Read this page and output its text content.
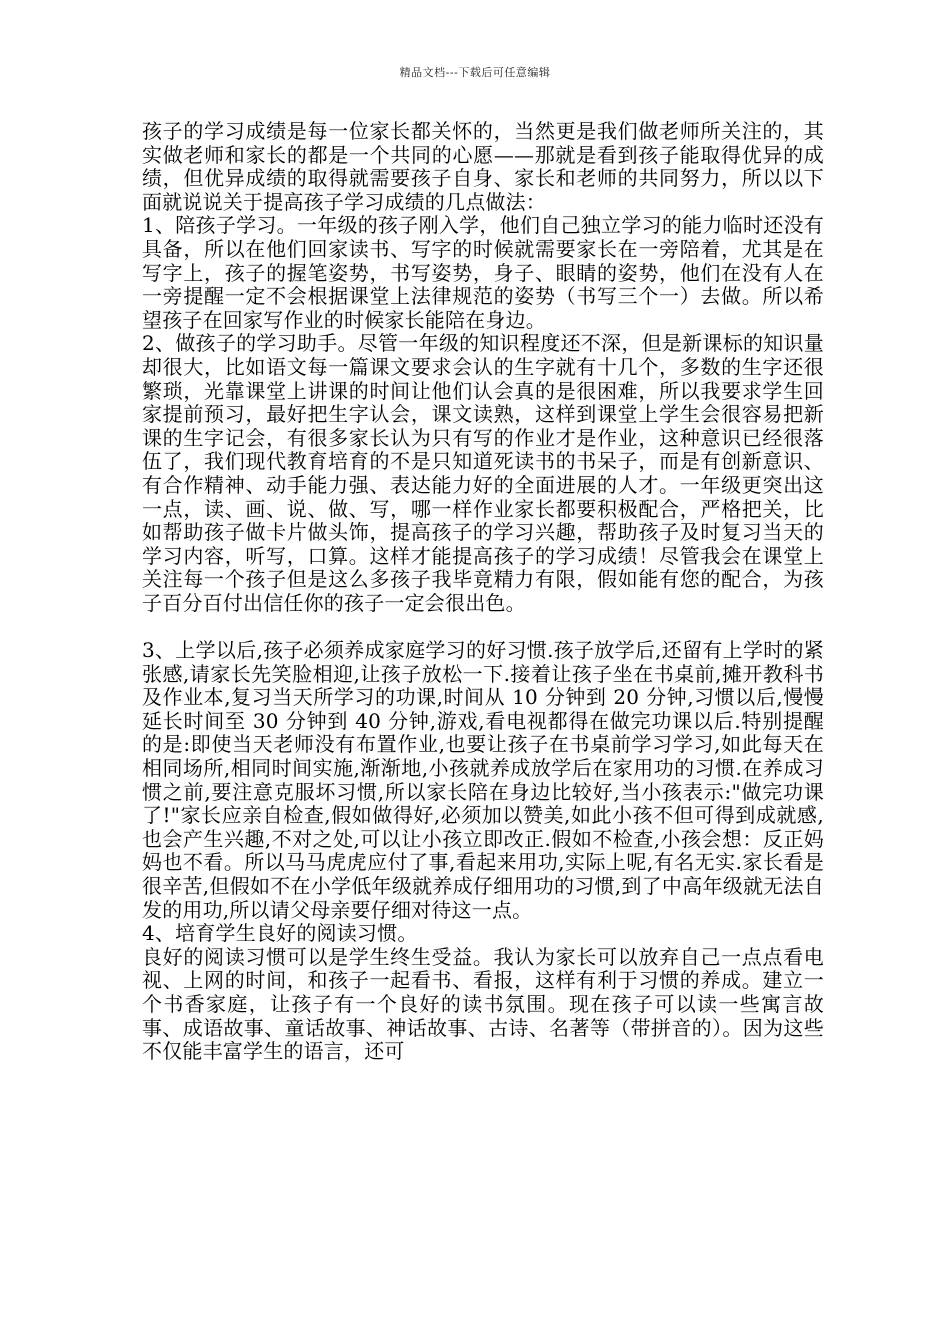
精品文档---下载后可任意编辑

孩子的学习成绩是每一位家长都关怀的，当然更是我们做老师所关注的，其实做老师和家长的都是一个共同的心愿——那就是看到孩子能取得优异的成绩，但优异成绩的取得就需要孩子自身、家长和老师的共同努力，所以以下面就说说关于提高孩子学习成绩的几点做法：

1、陪孩子学习。一年级的孩子刚入学，他们自己独立学习的能力临时还没有具备，所以在他们回家读书、写字的时候就需要家长在一旁陪着，尤其是在写字上，孩子的握笔姿势，书写姿势，身子、眼睛的姿势，他们在没有人在一旁提醒一定不会根据课堂上法律规范的姿势（书写三个一）去做。所以希望孩子在回家写作业的时候家长能陪在身边。

2、做孩子的学习助手。尽管一年级的知识程度还不深，但是新课标的知识量却很大，比如语文每一篇课文要求会认的生字就有十几个，多数的生字还很繁琐，光靠课堂上讲课的时间让他们认会真的是很困难，所以我要求学生回家提前预习，最好把生字认会，课文读熟，这样到课堂上学生会很容易把新课的生字记会，有很多家长认为只有写的作业才是作业，这种意识已经很落伍了，我们现代教育培育的不是只知道死读书的书呆子，而是有创新意识、有合作精神、动手能力强、表达能力好的全面进展的人才。一年级更突出这一点，读、画、说、做、写，哪一样作业家长都要积极配合，严格把关，比如帮助孩子做卡片做头饰，提高孩子的学习兴趣，帮助孩子及时复习当天的学习内容，听写，口算。这样才能提高孩子的学习成绩！尽管我会在课堂上关注每一个孩子但是这么多孩子我毕竟精力有限，假如能有您的配合，为孩子百分百付出信任你的孩子一定会很出色。

3、上学以后,孩子必须养成家庭学习的好习惯.孩子放学后,还留有上学时的紧张感,请家长先笑脸相迎,让孩子放松一下.接着让孩子坐在书桌前,摊开教科书及作业本,复习当天所学习的功课,时间从 10 分钟到 20 分钟,习惯以后,慢慢延长时间至 30 分钟到 40 分钟,游戏,看电视都得在做完功课以后.特别提醒的是:即使当天老师没有布置作业,也要让孩子在书桌前学习学习,如此每天在相同场所,相同时间实施,渐渐地,小孩就养成放学后在家用功的习惯.在养成习惯之前,要注意克服坏习惯,所以家长陪在身边比较好,当小孩表示:"做完功课了!"家长应亲自检查,假如做得好,必须加以赞美,如此小孩不但可得到成就感,也会产生兴趣,不对之处,可以让小孩立即改正.假如不检查,小孩会想：反正妈妈也不看。所以马马虎虎应付了事,看起来用功,实际上呢,有名无实.家长看是很辛苦,但假如不在小学低年级就养成仔细用功的习惯,到了中高年级就无法自发的用功,所以请父母亲要仔细对待这一点。

4、培育学生良好的阅读习惯。

良好的阅读习惯可以是学生终生受益。我认为家长可以放弃自己一点点看电视、上网的时间，和孩子一起看书、看报，这样有利于习惯的养成。建立一个书香家庭，让孩子有一个良好的读书氛围。现在孩子可以读一些寓言故事、成语故事、童话故事、神话故事、古诗、名著等（带拼音的）。因为这些不仅能丰富学生的语言，还可
